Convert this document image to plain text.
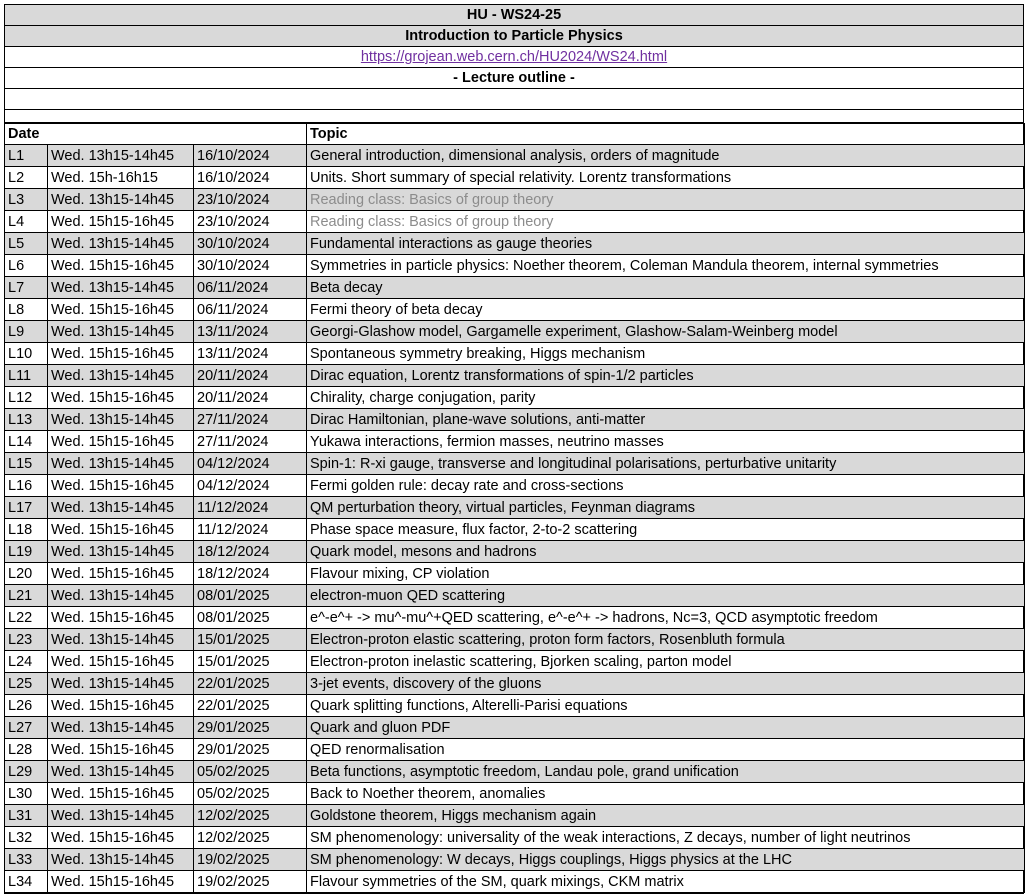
HU - WS24-25
Introduction to Particle Physics
https://grojean.web.cern.ch/HU2024/WS24.html
- Lecture outline -
Date			Topic
L1	Wed. 13h15-14h45	16/10/2024	General introduction, dimensional analysis, orders of magnitude
L2	Wed. 15h-16h15	16/10/2024	Units. Short summary of special relativity. Lorentz transformations
L3	Wed. 13h15-14h45	23/10/2024	Reading class: Basics of group theory
L4	Wed. 15h15-16h45	23/10/2024	Reading class: Basics of group theory
L5	Wed. 13h15-14h45	30/10/2024	Fundamental interactions as gauge theories
L6	Wed. 15h15-16h45	30/10/2024	Symmetries in particle physics: Noether theorem, Coleman Mandula theorem, internal symmetries
L7	Wed. 13h15-14h45	06/11/2024	Beta decay
L8	Wed. 15h15-16h45	06/11/2024	Fermi theory of beta decay
L9	Wed. 13h15-14h45	13/11/2024	Georgi-Glashow model, Gargamelle experiment, Glashow-Salam-Weinberg model
L10	Wed. 15h15-16h45	13/11/2024	Spontaneous symmetry breaking, Higgs mechanism
L11	Wed. 13h15-14h45	20/11/2024	Dirac equation, Lorentz transformations of spin-1/2 particles
L12	Wed. 15h15-16h45	20/11/2024	Chirality, charge conjugation, parity
L13	Wed. 13h15-14h45	27/11/2024	Dirac Hamiltonian, plane-wave solutions, anti-matter
L14	Wed. 15h15-16h45	27/11/2024	Yukawa interactions, fermion masses, neutrino masses
L15	Wed. 13h15-14h45	04/12/2024	Spin-1: R-xi gauge, transverse and longitudinal polarisations, perturbative unitarity
L16	Wed. 15h15-16h45	04/12/2024	Fermi golden rule: decay rate and cross-sections
L17	Wed. 13h15-14h45	11/12/2024	QM perturbation theory, virtual particles, Feynman diagrams
L18	Wed. 15h15-16h45	11/12/2024	Phase space measure, flux factor, 2-to-2 scattering
L19	Wed. 13h15-14h45	18/12/2024	Quark model, mesons and hadrons
L20	Wed. 15h15-16h45	18/12/2024	Flavour mixing, CP violation
L21	Wed. 13h15-14h45	08/01/2025	electron-muon QED scattering
L22	Wed. 15h15-16h45	08/01/2025	e^-e^+ -> mu^-mu^+QED scattering, e^-e^+ -> hadrons, Nc=3, QCD asymptotic freedom
L23	Wed. 13h15-14h45	15/01/2025	Electron-proton elastic scattering, proton form factors, Rosenbluth formula
L24	Wed. 15h15-16h45	15/01/2025	Electron-proton inelastic scattering, Bjorken scaling, parton model
L25	Wed. 13h15-14h45	22/01/2025	3-jet events, discovery of the gluons
L26	Wed. 15h15-16h45	22/01/2025	Quark splitting functions, Alterelli-Parisi equations
L27	Wed. 13h15-14h45	29/01/2025	Quark and gluon PDF
L28	Wed. 15h15-16h45	29/01/2025	QED renormalisation
L29	Wed. 13h15-14h45	05/02/2025	Beta functions, asymptotic freedom, Landau pole, grand unification
L30	Wed. 15h15-16h45	05/02/2025	Back to Noether theorem, anomalies
L31	Wed. 13h15-14h45	12/02/2025	Goldstone theorem, Higgs mechanism again
L32	Wed. 15h15-16h45	12/02/2025	SM phenomenology: universality of the weak interactions, Z decays, number of light neutrinos
L33	Wed. 13h15-14h45	19/02/2025	SM phenomenology: W decays, Higgs couplings, Higgs physics at the LHC
L34	Wed. 15h15-16h45	19/02/2025	Flavour symmetries of the SM, quark mixings, CKM matrix
